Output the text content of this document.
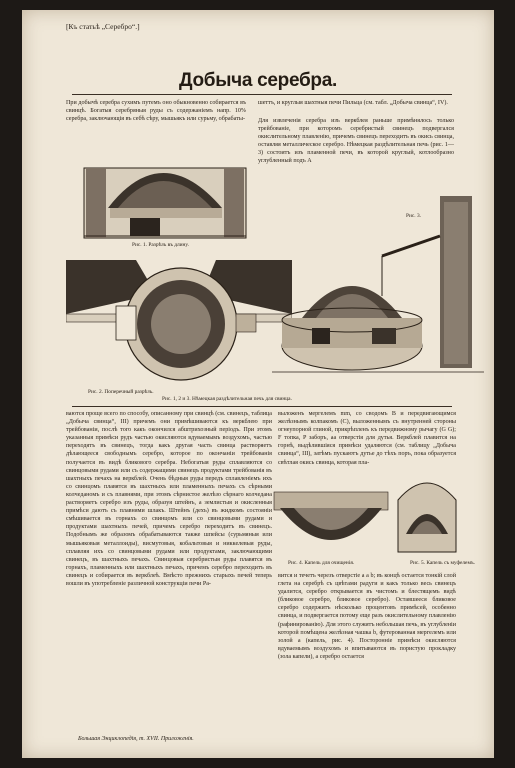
[Къ статьѣ „Серебро“.]
Добыча серебра.

При добычѣ серебра сухимъ путемъ оно обыкновенно собирается въ свинцѣ. Богатыя серебряныя руды съ содержаніемъ напр. 10% серебра, заключающія въ себѣ сѣру, мышьякъ или сурьму, обрабаты-

шеттъ, и круглыя шахтныя печи Пильца (см. табл. „Добыча свинца“, IV).

Для извлеченія серебра изъ веркблея раньше примѣнялось только трейбованіе, при которомъ серебристый свинецъ подвергался окислительному плавленію, причемъ свинецъ переходитъ въ окись свинца, оставляя металлическое серебро. Нѣмецкая раздѣлительная печь (рис. 1—3) состоитъ изъ пламенной печи, въ которой круглый, котлообразно углубленный подъ A

Рис. 1. Разрѣзъ въ длину.
Рис. 2. Поперечный разрѣзъ.
Рис. 3.
Рис. 1, 2 и 3. Нѣмецкая раздѣлительная печь для свинца.

ваются проще всего по способу, описанному при свинцѣ (см. свинецъ, таблица „Добыча свинца“, III) причемъ они примѣшиваются къ веркблею при трейбованіи, послѣ того какъ окончился абштрихозный періодъ. При этомъ указанныя примѣси рудъ частью окисляются вдуваемымъ воздухомъ, частью переходятъ въ свинецъ, тогда какъ другая часть свинца растворяетъ дѣлающееся свободнымъ серебро, которое по окончаніи трейбованія получается въ видѣ бликового серебра. Небогатыя руды сплавляются со свинцовыми рудами или съ содержащими свинецъ продуктами трейбованія въ шахтныхъ печахъ на веркблей. Очень бѣдныя руды передъ сплавленіемъ ихъ со свинцомъ плавятся въ шахтныхъ или пламенныхъ печахъ съ сѣрными колчеданомъ и съ плавнями, при этомъ сѣрнистое желѣзо сѣрнаго колчедана растворяетъ серебро изъ руды, образуя штейнъ, а землистыя и окисленныя примѣси даютъ съ плавнями шлакъ. Штейнъ (дехъ) въ жидкомъ состояніи смѣшивается въ горнахъ со свинцомъ или со свинцовыми рудами и продуктами шахтныхъ печей, причемъ серебро переходитъ въ свинецъ. Подобнымъ же образомъ обрабатываются также шпейсы (сурьмяныя или мышьяковыя металлоиды), висмутовыя, кобальтовыя и никкелевыя руды, сплавляя ихъ со свинцовыми рудами или продуктами, заключающими свинецъ, въ шахтныхъ печахъ. Свинцовыя серебристыя руды плавятся въ горнахъ, пламенныхъ или шахтныхъ печахъ, причемъ серебро переходитъ въ свинецъ и собирается въ веркблеѣ. Вмѣсто прежнихъ старыхъ печей теперь вошли въ употребленіе различной конструкціи печи Ра-

выложенъ мергелемъ mm, со сводомъ B и передвигающимся желѣзнымъ колпакомъ (C), выложеннымъ съ внутренней стороны огнеупорной глиной, прикрѣпленъ къ передвижному рычагу (G G); F топка, P заборъ, aa отверстія для дутья. Веркблей плавится на горнѣ, выдѣлившіяся примѣси удаляются (см. таблицу „Добыча свинца“, III), затѣмъ пускаютъ дутье до тѣхъ поръ, пока образуется свѣтлая окись свинца, которая пла-

Рис. 4. Капель для очищенія.	Рис. 5. Капель съ муфелемъ.

вится и течетъ черезъ отверстіе a a b; въ концѣ остается тонкій слой глета на серебрѣ съ цвѣтами радуги и какъ только весь свинецъ удалится, серебро открывается въ чистомъ и блестящемъ видѣ (бликовое серебро, бликовое серебро). Оставшееся бликовое серебро содержитъ нѣсколько процентовъ примѣсей, особенно свинца, и подвергается потому еще разъ окислительному плавленію (рафинированію). Для этого служитъ небольшая печь, въ углубленіи которой помѣщена желѣзная чашка b, футерованная мергелемъ или золой a (капель, рис. 4). Посторонніе примѣси окисляются вдуваемымъ воздухомъ и впитываются въ пористую прокладку (зола капели), а серебро остается

Большая Энциклопедія, т. XVII. Приложенія.
